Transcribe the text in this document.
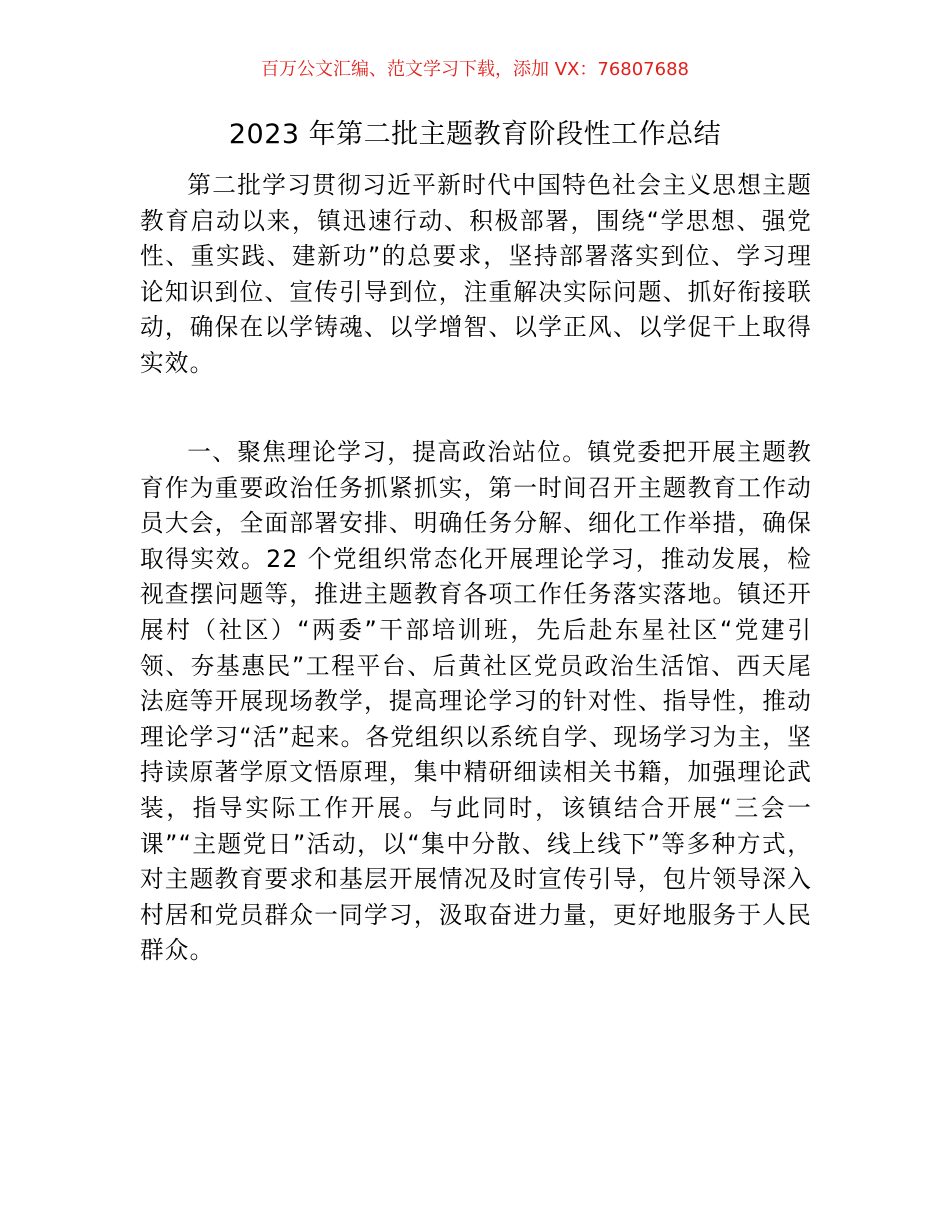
百万公文汇编、范文学习下载，添加 VX：76807688
2023 年第二批主题教育阶段性工作总结

第二批学习贯彻习近平新时代中国特色社会主义思想主题教育启动以来，镇迅速行动、积极部署，围绕“学思想、强党性、重实践、建新功”的总要求，坚持部署落实到位、学习理论知识到位、宣传引导到位，注重解决实际问题、抓好衔接联动，确保在以学铸魂、以学增智、以学正风、以学促干上取得实效。

一、聚焦理论学习，提高政治站位。镇党委把开展主题教育作为重要政治任务抓紧抓实，第一时间召开主题教育工作动员大会，全面部署安排、明确任务分解、细化工作举措，确保取得实效。22 个党组织常态化开展理论学习，推动发展，检视查摆问题等，推进主题教育各项工作任务落实落地。镇还开展村（社区）“两委”干部培训班，先后赴东星社区“党建引领、夯基惠民”工程平台、后黄社区党员政治生活馆、西天尾法庭等开展现场教学，提高理论学习的针对性、指导性，推动理论学习“活”起来。各党组织以系统自学、现场学习为主，坚持读原著学原文悟原理，集中精研细读相关书籍，加强理论武装，指导实际工作开展。与此同时，该镇结合开展“三会一课”“主题党日”活动，以“集中分散、线上线下”等多种方式，对主题教育要求和基层开展情况及时宣传引导，包片领导深入村居和党员群众一同学习，汲取奋进力量，更好地服务于人民群众。
